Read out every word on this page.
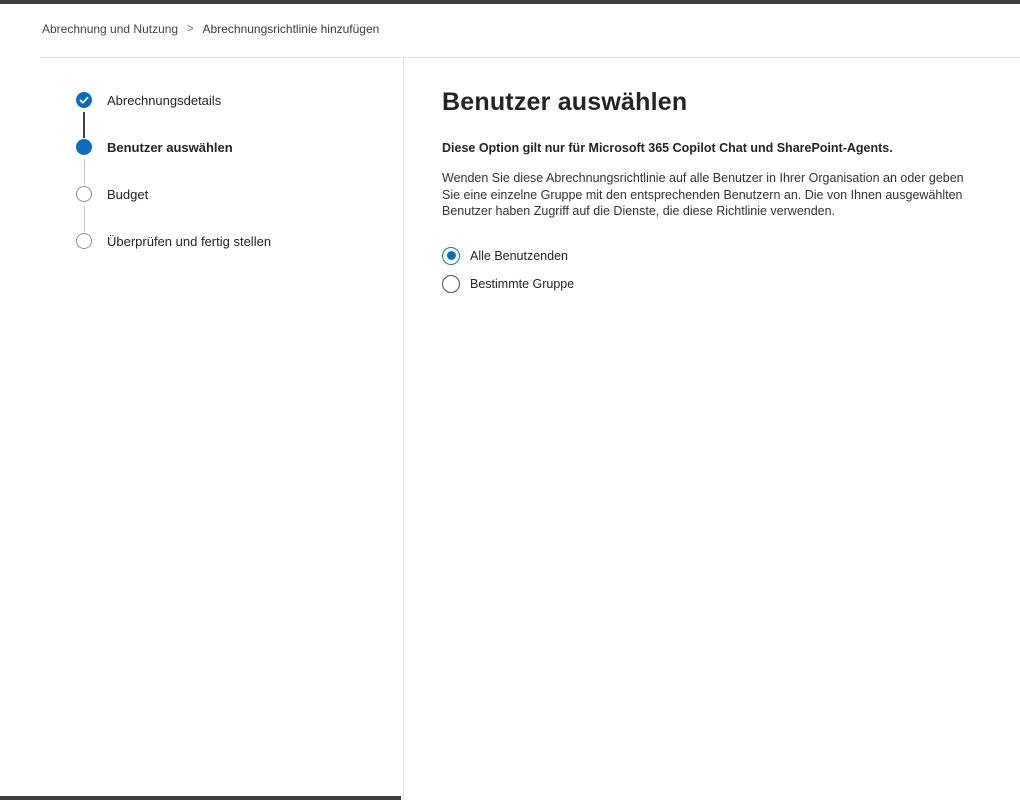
Abrechnung und Nutzung > Abrechnungsrichtlinie hinzufügen
Abrechnungsdetails
Benutzer auswählen
Budget
Überprüfen und fertig stellen
Benutzer auswählen

Diese Option gilt nur für Microsoft 365 Copilot Chat und SharePoint-Agents.

Wenden Sie diese Abrechnungsrichtlinie auf alle Benutzer in Ihrer Organisation an oder geben Sie eine einzelne Gruppe mit den entsprechenden Benutzern an. Die von Ihnen ausgewählten Benutzer haben Zugriff auf die Dienste, die diese Richtlinie verwenden.

Alle Benutzenden
Bestimmte Gruppe
